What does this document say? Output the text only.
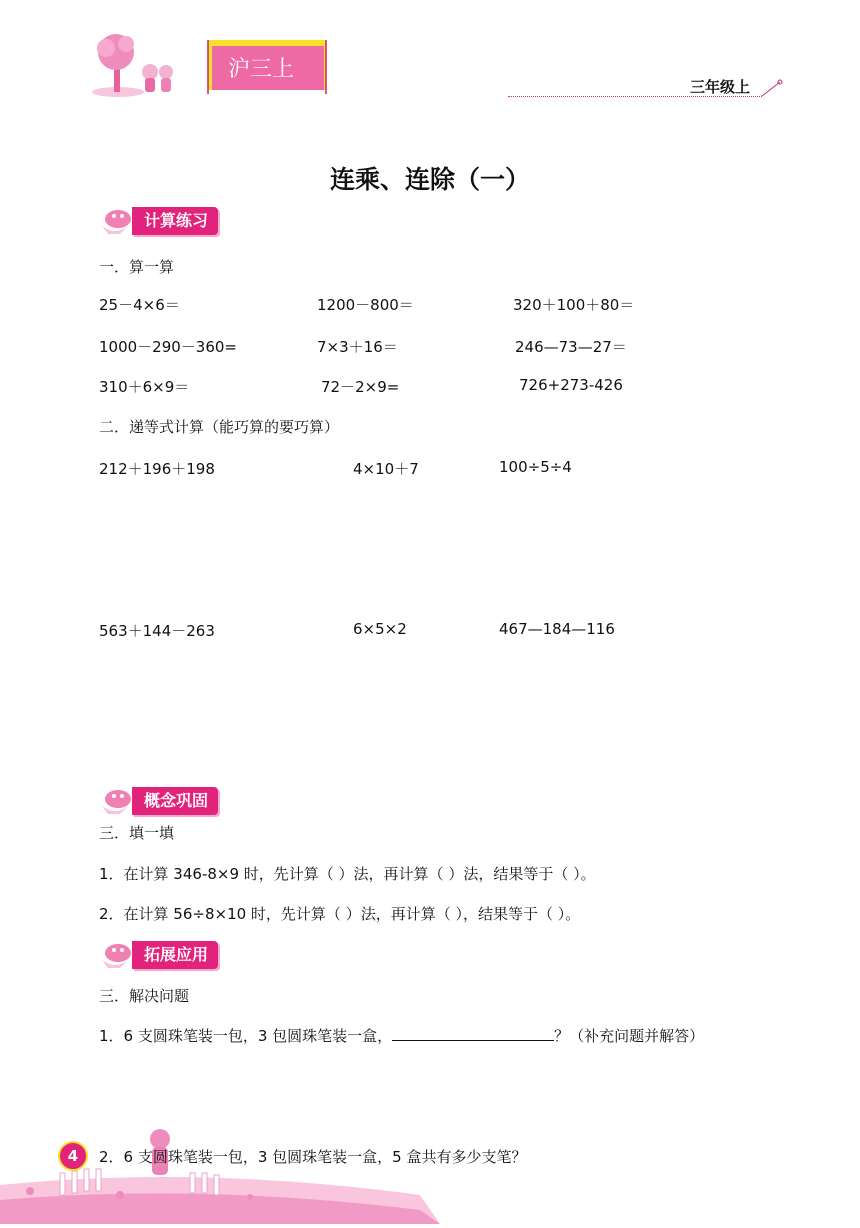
沪三上
三年级上
连乘、连除（一）
计算练习
一．算一算
25－4×6＝	1200－800＝	320＋100＋80＝
1000－290－360=	7×3＋16＝	246—73—27＝
310＋6×9＝	72－2×9=	726+273-426
二．递等式计算（能巧算的要巧算）
212＋196＋198	4×10＋7	100÷5÷4
563＋144－263	6×5×2	467—184—116
概念巩固
三．填一填
1．在计算 346-8×9 时，先计算（ ）法，再计算（ ）法，结果等于（ ）。
2．在计算 56÷8×10 时，先计算（ ）法，再计算（ ），结果等于（ ）。
拓展应用
三．解决问题
1．6 支圆珠笔装一包，3 包圆珠笔装一盒，	？（补充问题并解答）
4 2．6 支圆珠笔装一包，3 包圆珠笔装一盒，5 盒共有多少支笔？
